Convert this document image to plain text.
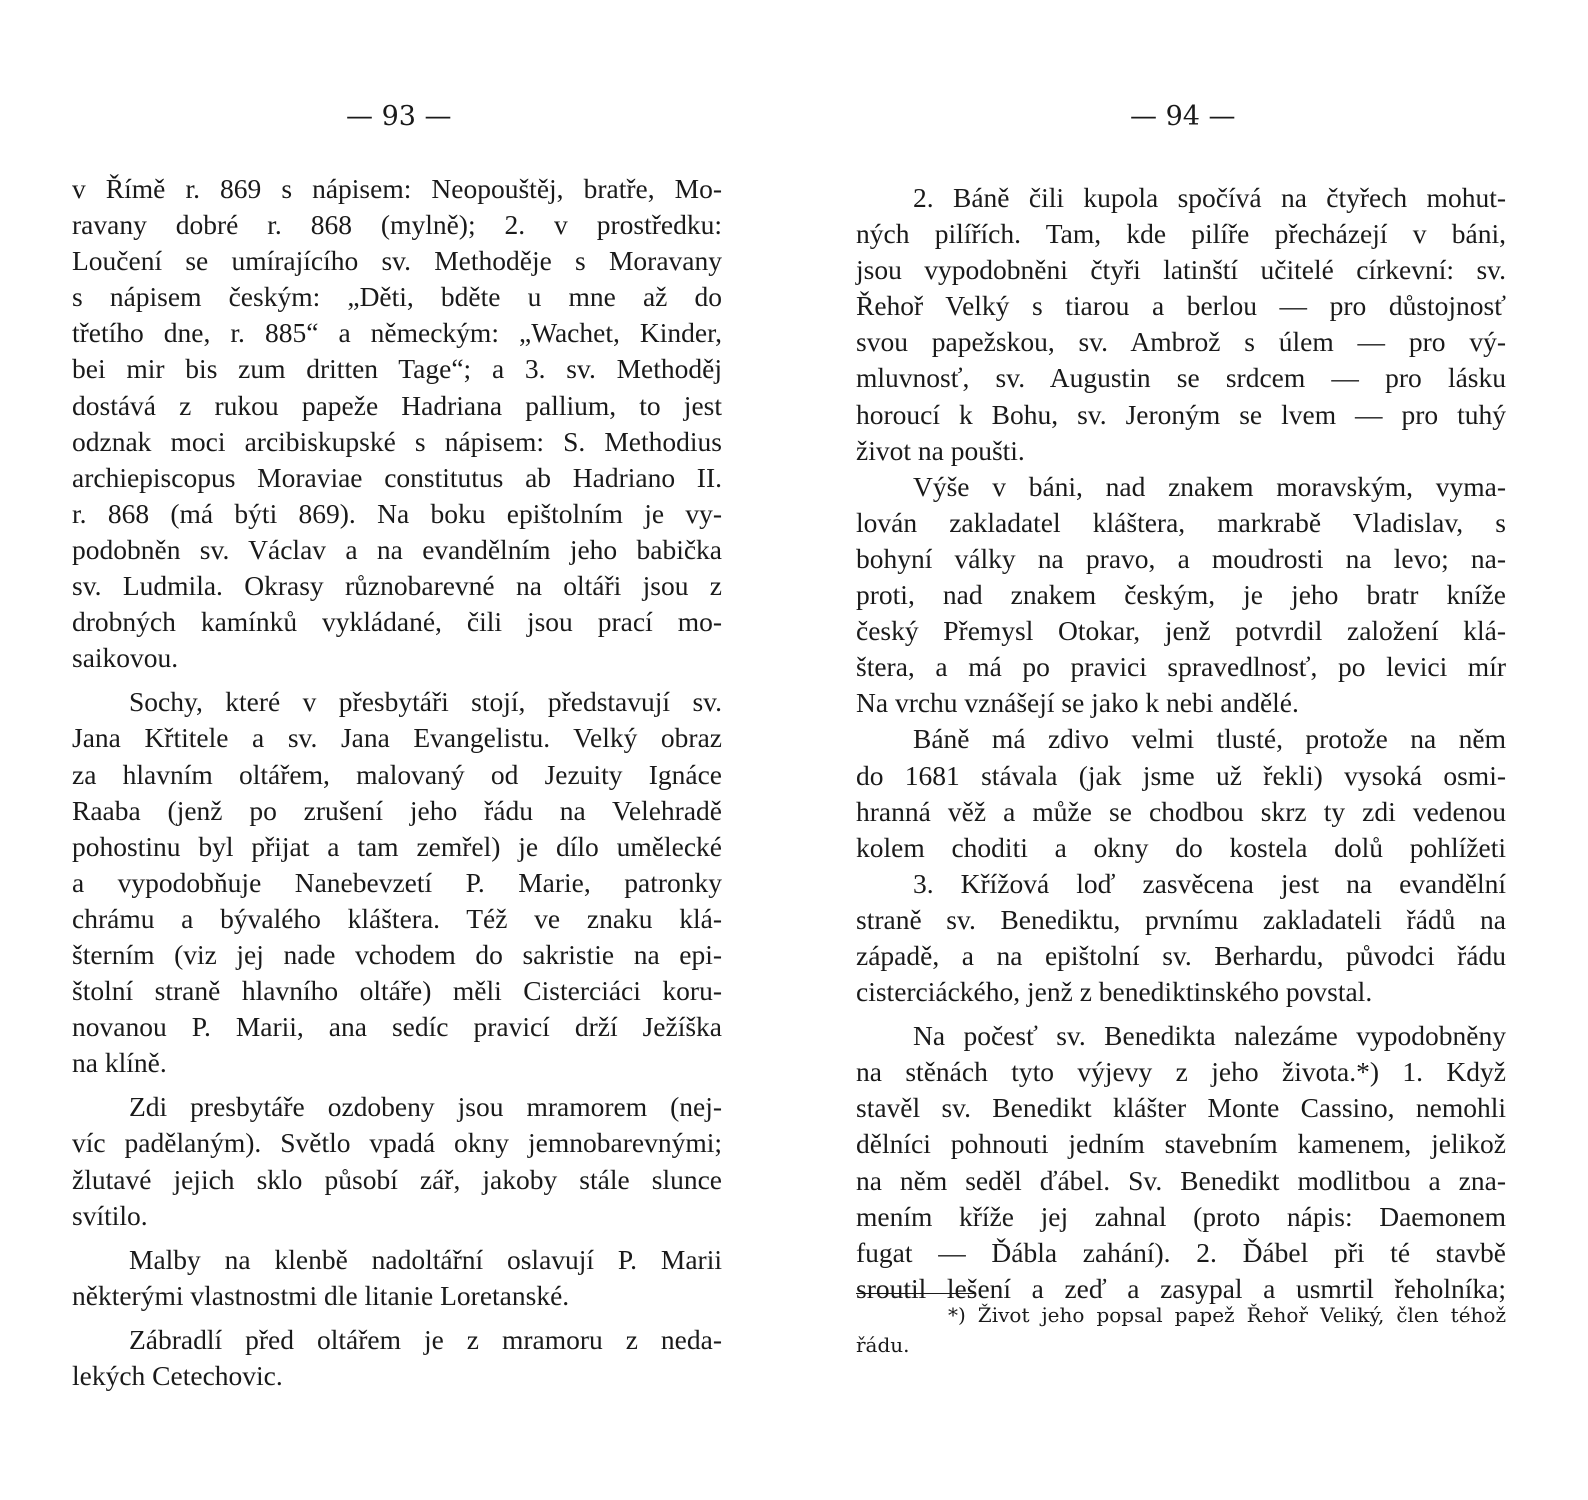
— 93 —
v Římě r. 869 s nápisem: Neopouštěj, bratře, Mo-
ravany dobré r. 868 (mylně); 2. v prostředku:
Loučení se umírajícího sv. Methoděje s Moravany
s nápisem českým: „Děti, bděte u mne až do
třetího dne, r. 885“ a německým: „Wachet, Kinder,
bei mir bis zum dritten Tage“; a 3. sv. Methoděj
dostává z rukou papeže Hadriana pallium, to jest
odznak moci arcibiskupské s nápisem: S. Methodius
archiepiscopus Moraviae constitutus ab Hadriano II.
r. 868 (má býti 869). Na boku epištolním je vy-
podobněn sv. Václav a na evandělním jeho babička
sv. Ludmila. Okrasy různobarevné na oltáři jsou z
drobných kamínků vykládané, čili jsou prací mo-
saikovou.
Sochy, které v přesbytáři stojí, představují sv.
Jana Křtitele a sv. Jana Evangelistu. Velký obraz
za hlavním oltářem, malovaný od Jezuity Ignáce
Raaba (jenž po zrušení jeho řádu na Velehradě
pohostinu byl přijat a tam zemřel) je dílo umělecké
a vypodobňuje Nanebevzetí P. Marie, patronky
chrámu a bývalého kláštera. Též ve znaku klá-
šterním (viz jej nade vchodem do sakristie na epi-
štolní straně hlavního oltáře) měli Cisterciáci koru-
novanou P. Marii, ana sedíc pravicí drží Ježíška
na klíně.
Zdi presbytáře ozdobeny jsou mramorem (nej-
víc padělaným). Světlo vpadá okny jemnobarevnými;
žlutavé jejich sklo působí zář, jakoby stále slunce
svítilo.
Malby na klenbě nadoltářní oslavují P. Marii
některými vlastnostmi dle litanie Loretanské.
Zábradlí před oltářem je z mramoru z neda-
lekých Cetechovic.
— 94 —
2. Báně čili kupola spočívá na čtyřech mohut-
ných pilířích. Tam, kde pilíře přecházejí v báni,
jsou vypodobněni čtyři latinští učitelé církevní: sv.
Řehoř Velký s tiarou a berlou — pro důstojnosť
svou papežskou, sv. Ambrož s úlem — pro vý-
mluvnosť, sv. Augustin se srdcem — pro lásku
horoucí k Bohu, sv. Jeroným se lvem — pro tuhý
život na poušti.
Výše v báni, nad znakem moravským, vyma-
lován zakladatel kláštera, markrabě Vladislav, s
bohyní války na pravo, a moudrosti na levo; na-
proti, nad znakem českým, je jeho bratr kníže
český Přemysl Otokar, jenž potvrdil založení klá-
štera, a má po pravici spravedlnosť, po levici mír
Na vrchu vznášejí se jako k nebi andělé.
Báně má zdivo velmi tlusté, protože na něm
do 1681 stávala (jak jsme už řekli) vysoká osmi-
hranná věž a může se chodbou skrz ty zdi vedenou
kolem choditi a okny do kostela dolů pohlížeti
3. Křížová loď zasvěcena jest na evandělní
straně sv. Benediktu, prvnímu zakladateli řádů na
západě, a na epištolní sv. Berhardu, původci řádu
cisterciáckého, jenž z benediktinského povstal.
Na počesť sv. Benedikta nalezáme vypodobněny
na stěnách tyto výjevy z jeho života.*) 1. Když
stavěl sv. Benedikt klášter Monte Cassino, nemohli
dělníci pohnouti jedním stavebním kamenem, jelikož
na něm seděl ďábel. Sv. Benedikt modlitbou a zna-
mením kříže jej zahnal (proto nápis: Daemonem
fugat — Ďábla zahání). 2. Ďábel při té stavbě
sroutil lešení a zeď a zasypal a usmrtil řeholníka;
*) Život jeho popsal papež Řehoř Veliký, člen téhož
řádu.
